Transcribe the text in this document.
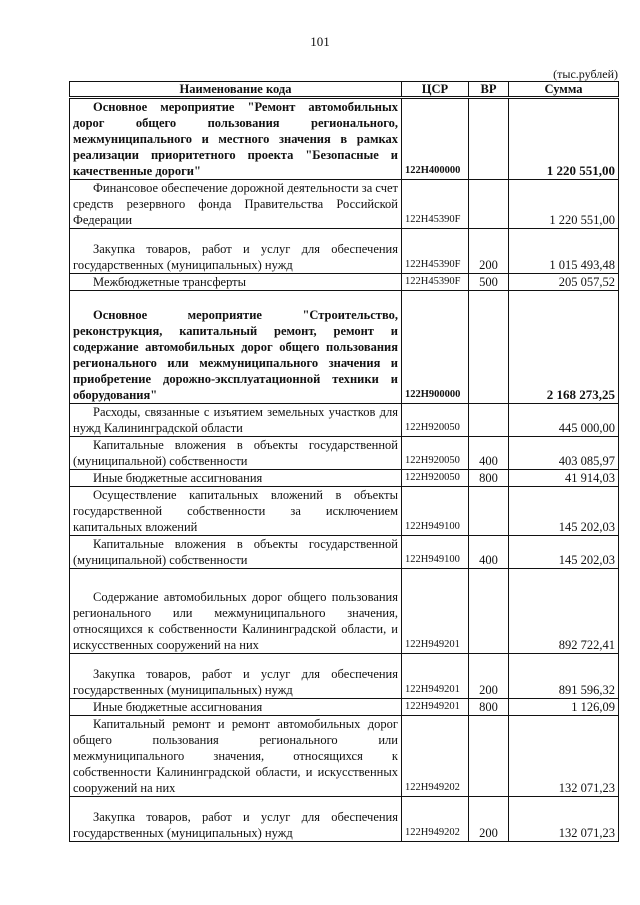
101
(тыс.рублей)
Наименование кода	ЦСР	ВР	Сумма

Основное мероприятие "Ремонт автомобильных дорог общего пользования регионального, межмуниципального и местного значения в рамках реализации приоритетного проекта "Безопасные и качественные дороги"	122H400000		1 220 551,00

Финансовое обеспечение дорожной деятельности за счет средств резервного фонда Правительства Российской Федерации	122H45390F		1 220 551,00

Закупка товаров, работ и услуг для обеспечения государственных (муниципальных) нужд	122H45390F	200	1 015 493,48

Межбюджетные трансферты	122H45390F	500	205 057,52

Основное мероприятие "Строительство, реконструкция, капитальный ремонт, ремонт и содержание автомобильных дорог общего пользования регионального или межмуниципального значения и приобретение дорожно-эксплуатационной техники и оборудования"	122H900000		2 168 273,25

Расходы, связанные с изъятием земельных участков для нужд Калининградской области	122H920050		445 000,00

Капитальные вложения в объекты государственной (муниципальной) собственности	122H920050	400	403 085,97

Иные бюджетные ассигнования	122H920050	800	41 914,03

Осуществление капитальных вложений в объекты государственной собственности за исключением капитальных вложений	122H949100		145 202,03

Капитальные вложения в объекты государственной (муниципальной) собственности	122H949100	400	145 202,03

Содержание автомобильных дорог общего пользования регионального или межмуниципального значения, относящихся к собственности Калининградской области, и искусственных сооружений на них	122H949201		892 722,41

Закупка товаров, работ и услуг для обеспечения государственных (муниципальных) нужд	122H949201	200	891 596,32

Иные бюджетные ассигнования	122H949201	800	1 126,09

Капитальный ремонт и ремонт автомобильных дорог общего пользования регионального или межмуниципального значения, относящихся к собственности Калининградской области, и искусственных сооружений на них	122H949202		132 071,23

Закупка товаров, работ и услуг для обеспечения государственных (муниципальных) нужд	122H949202	200	132 071,23
